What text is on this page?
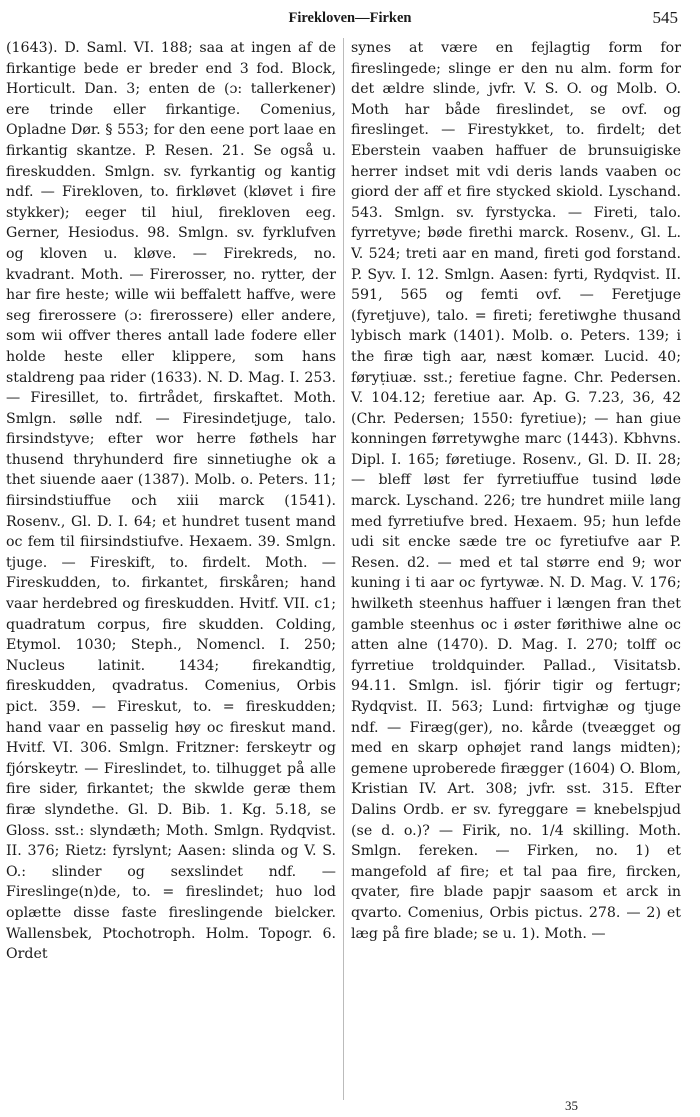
Firekloven—Firken	545

(1643). D. Saml. VI. 188; saa at ingen af de firkantige bede er breder end 3 fod. Block, Horticult. Dan. 3; enten de (ɔ: tallerkener) ere trinde eller firkantige. Comenius, Opladne Dør. § 553; for den eene port laae en firkantig skantze. P. Resen. 21. Se også u. fireskudden. Smlgn. sv. fyrkantig og kantig ndf. — Firekloven, to. firkløvet (kløvet i fire stykker); eeger til hiul, firekloven eeg. Gerner, Hesiodus. 98. Smlgn. sv. fyrklufven og kloven u. kløve. — Firekreds, no. kvadrant. Moth. — Firerosser, no. rytter, der har fire heste; wille wii beffalett haffve, were seg firerossere (ɔ: firerossere) eller andere, som wii offver theres antall lade fodere eller holde heste eller klippere, som hans staldreng paa rider (1633). N. D. Mag. I. 253. — Firesillet, to. firtrådet, firskaftet. Moth. Smlgn. sølle ndf. — Firesindetjuge, talo. firsindstyve; efter wor herre føthels har thusend thryhunderd fire sinnetiughe ok a thet siuende aaer (1387). Molb. o. Peters. 11; fiirsindstiuffue och xiii marck (1541). Rosenv., Gl. D. I. 64; et hundret tusent mand oc fem til fiirsindstiufve. Hexaem. 39. Smlgn. tjuge. — Fireskift, to. firdelt. Moth. — Fireskudden, to. firkantet, firskåren; hand vaar herdebred og fireskudden. Hvitf. VII. c1; quadratum corpus, fire skudden. Colding, Etymol. 1030; Steph., Nomencl. I. 250; Nucleus latinit. 1434; firekandtig, fireskudden, qvadratus. Comenius, Orbis pict. 359. — Fireskut, to. = fireskudden; hand vaar en passelig høy oc fireskut mand. Hvitf. VI. 306. Smlgn. Fritzner: ferskeytr og fjórskeytr. — Fireslindet, to. tilhugget på alle fire sider, firkantet; the skwlde geræ them firæ slyndethe. Gl. D. Bib. 1. Kg. 5.18, se Gloss. sst.: slyndæth; Moth. Smlgn. Rydqvist. II. 376; Rietz: fyrslynt; Aasen: slinda og V. S. O.: slinder og sexslindet ndf. — Fireslinge(n)de, to. = fireslindet; huo lod oplætte disse faste fireslingende bielcker. Wallensbek, Ptochotroph. Holm. Topogr. 6. Ordet

synes at være en fejlagtig form for fireslingede; slinge er den nu alm. form for det ældre slinde, jvfr. V. S. O. og Molb. O. Moth har både fireslindet, se ovf. og fireslinget. — Firestykket, to. firdelt; det Eberstein vaaben haffuer de brunsuigiske herrer indset mit vdi deris lands vaaben oc giord der aff et fire stycked skiold. Lyschand. 543. Smlgn. sv. fyrstycka. — Fireti, talo. fyrretyve; bøde firethi marck. Rosenv., Gl. L. V. 524; treti aar en mand, fireti god forstand. P. Syv. I. 12. Smlgn. Aasen: fyrti, Rydqvist. II. 591, 565 og femti ovf. — Feretjuge (fyretjuve), talo. = fireti; feretiwghe thusand lybisch mark (1401). Molb. o. Peters. 139; i the firæ tigh aar, næst komær. Lucid. 40; føryṭiuæ. sst.; feretiue fagne. Chr. Pedersen. V. 104.12; feretiue aar. Ap. G. 7.23, 36, 42 (Chr. Pedersen; 1550: fyretiue); — han giue konningen førretywghe marc (1443). Kbhvns. Dipl. I. 165; føretiuge. Rosenv., Gl. D. II. 28; — bleff løst fer fyrretiuffue tusind løde marck. Lyschand. 226; tre hundret miile lang med fyrretiufve bred. Hexaem. 95; hun lefde udi sit encke sæde tre oc fyretiufve aar P. Resen. d2. — med et tal større end 9; wor kuning i ti aar oc fyrtywæ. N. D. Mag. V. 176; hwilketh steenhus haffuer i længen fran thet gamble steenhus oc i øster førithiwe alne oc atten alne (1470). D. Mag. I. 270; tolff oc fyrretiue troldquinder. Pallad., Visitatsb. 94.11. Smlgn. isl. fjórir tigir og fertugr; Rydqvist. II. 563; Lund: firtvighæ og tjuge ndf. — Firæg(ger), no. kårde (tveægget og med en skarp ophøjet rand langs midten); gemene uproberede firægger (1604) O. Blom, Kristian IV. Art. 308; jvfr. sst. 315. Efter Dalins Ordb. er sv. fyreggare = knebelspjud (se d. o.)? — Firik, no. 1/4 skilling. Moth. Smlgn. fereken. — Firken, no. 1) et mangefold af fire; et tal paa fire, fircken, qvater, fire blade papjr saasom et arck in qvarto. Comenius, Orbis pictus. 278. — 2) et læg på fire blade; se u. 1). Moth. —

35
